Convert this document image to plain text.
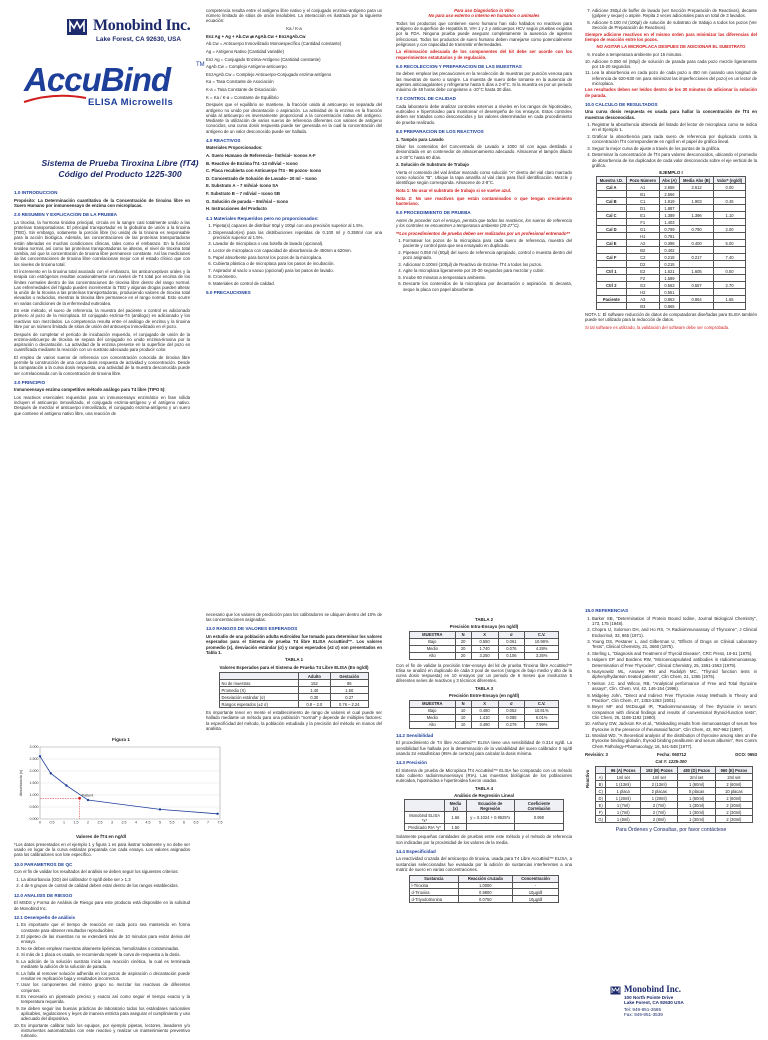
Monobind Inc.
Lake Forest, CA 92630, USA
AccuBind	TM
ELISA Microwells
Sistema de Prueba Tiroxina Libre (fT4)
Código del Producto 1225-300
1.0 INTRODUCCION

Propósito: La Determinación cuantitativa de la Concentración de tiroxina libre en Suero Humano por inmunoensayo de enzima con microplacas.

2.0 RESUMEN Y EXPLICACION DE LA PRUEBA

La tiroxina, la hormona tiroidea principal, circula en la sangre casi totalmente unido a las proteínas transportadoras. El principal transportador es la globulina de unión a la tiroxina (TBG). Sin embargo, solamente la porción libre (no unida) de la tiroxina es responsable para la acción biológica. Además, las concentraciones de las proteínas transportadoras están alteradas en muchas condiciones clínicas, tales como el embarazo. En la función tiroidea normal, así como las proteínas transportadoras se alteran, el nivel de tiroxina total cambia, así que la concentración de tiroxina libre permanece constante. Así las mediciones de las concentraciones de tiroxina libre correlacionan mejor con el estado clínico que con los niveles de tiroxina total.

El incremento en la tiroxina total asociado con el embarazo, los anticonceptivos orales y la terapia con estrógenos resultan ocasionalmente con niveles de T4 total por encima de los límites normales dentro de las concentraciones de tiroxina libre dentro del rango normal. Las enfermedades del hígado pueden incrementar la TBG y algunas drogas pueden alterar la unión de la tiroxina a las proteínas transportadoras, produciendo valores de tiroxina total elevados o reducidos, mientras la tiroxina libre permanece en el rango normal. Esto ocurre en varias condiciones de la enfermedad eutiroidea.

En este método, el suero de referencia, la muestra del paciente o control es adicionado primero al pozo de la microplaca. El conjugado enzima-T4 (análogo) es adicionado y los reactivos son mezclados. La competencia resulta entre el análogo de enzima y la tiroxina libre por un número limitado de sitios de unión del anticuerpo inmovilizado en el pozo.

Después de completar el período de incubación requerido, el conjugado de unión de la enzima-anticuerpo de tiroxina se separa del conjugado no unido enzima-tiroxina por la aspiración o decantación. La actividad de la enzima presente en la superficie del pozo es cuantificada mediante la reacción con un sustrato adecuado para producir color.

El empleo de varios sueros de referencia con concentración conocida de tiroxina libre permite la construcción de una curva dosis respuesta de actividad y concentración. Desde la comparación a la curva dosis respuesta, una actividad de la muestra desconocida puede ser correlacionada con la concentración de tiroxina libre.

3.0 PRINCIPIO

Inmunoensayo enzima competitivo método análogo para T4 libre (TIPO 5):

Los reactivos esenciales requeridos para un inmunoensayo enzimático en fase sólida incluyen el anticuerpo inmovilizado, el conjugado enzima-antígeno y el antígeno nativo. Después de mezclar el anticuerpo inmovilizado, el conjugado enzima-antígeno y un suero que contiene el antígeno nativo libre, una reacción de

Figura 1
0.000
0.500
1.000
1.500
2.000
2.500
3.000
0 0.5 1 1.5 2 2.5 3 3.5 4 4.5 5 5.5 6 6.5 7 7.5
Absorbancia (s)	Patient
Valores de fT4 en ng/dl

*Los datos presentados en el ejemplo 1 y figura 1 es para ilustrar solamente y no debe ser usado en lugar de la curva estándar preparada con cada ensayo. Los valores asignados para los calibradores son lote específico.

10.0 PARAMETROS DE QC

Con el fin de validar los resultados del análisis se deben seguir los siguientes criterios:

1. La absorbancia (OD) del calibrador 0 ng/dl debe ser ≥ 1.3
2. 4 de 6 grupos de control de calidad deben estar dentro de los rangos establecidos.
12.0 ANALISIS DE RIESGO

El MSDS y Forma de Análisis de Riesgo para este producto está disponible en la solicitud de Monobind Inc.

12.1 Desempeño de análisis
1. Es importante que el tiempo de reacción en cada pozo sea mantenido en forma constante para obtener resultados reproducibles.
2. El pipeteo de las muestras no se extenderá más de 10 minutos para evitar deriva del ensayo.
3. No se deben emplear muestras altamente lipémicas, hemolizadas o contaminadas.
4. Si más de 1 placa es usada, se recomienda repetir la curva de respuesta a la dosis.
5. La adición de la solución sustrato inicia una reacción cinética, la cual es terminada mediante la adición de la solución de parada.
6. La falla al remover solución adherida en los pozos de aspiración o decantación puede resultar en replicación baja y resultados incorrectos.
7. Usar los componentes del mismo grupo no mezclar los reactivos de diferentes conjuntos.
8. Es necesario un pipeteado preciso y exacto así como seguir el tiempo exacto y la temperatura requerida.
9. Se deben seguir las buenas prácticas de laboratorio todos los estándares nacionales aplicables, regulaciones y leyes de manera estricta para asegurar el cumplimiento y uso adecuado del dispositivo.
10. Es importante calibrar todo los equipos, por ejemplo pipetas, lectores, lavadores y/o instrumentos automatizados con este reactivo y realizar un mantenimiento preventivo rutinario.

competencia resulta entre el antígeno libre nativo y el conjugado enzima–antígeno para un número limitado de sitios de unión insolubles. La interacción es ilustrada por la siguiente ecuación:

Ka / K-a

Enz Ag + Ag + Ab.Cw ⇌ AgAb.Cw + EnzAgAb.Cw

Ab.Cw = Anticuerpo Inmovilizado Monoespecífico (Cantidad constante)

Ag = Antígeno Nativo (Cantidad variable)

Enz Ag = Conjugado Enzima-Antígeno (Cantidad constante)

AgAb.Cw = Complejo Antígeno-anticuerpo

EnzAgAb.Cw = Complejo Anticuerpo-Conjugado enzima-antígeno

Ka = Tasa Constante de Asociación

K-a = Tasa Constante de Disociación

K = Ka / K-a = Constante de Equilibrio

Después que el equilibrio se mantiene, la fracción unida al anticuerpo es separada del antígeno no unido por decantación o aspiración. La actividad de la enzima en la fracción unida al anticuerpo es inversamente proporcional a la concentración nativa del antígeno. Mediante la utilización de varios sueros de referencia diferentes con valores de antígeno conocidos, una curva dosis respuesta puede ser generada en la cual la concentración del antígeno de un valor desconocido puede ser hallada.

4.0 REACTIVOS

Materiales Proporcionados:

A. Suero Humano de Referencia– fmt/vial– Iconos A-F

B. Reactivo de Enzima fT4 -13 ml/vial – Icono

C. Placa recubierta con Anticuerpo fT4 - 96 pozos- Icono

D. Concentrado de Solución de Lavado– 20 ml – Icono

E. Substrato A – 7 ml/vial- Icono SA

F. Substrato B – 7 ml/vial – Icono SB

G. Solución de parada – 8ml/vial – Icono

H. Instrucciones del Producto

4.1 Materiales Requeridos pero no proporcionados:
1. Pipeta(s) capaces de distribuir 50µl y 100µl con una precisión superior al 1.5%.
2. Dispensador(es) para las distribuciones repetidas de 0.100 ml y 0.350ml con una precisión superior al 1.5%.
3. Lavador de microplaca o una botella de lavado (opcional).
4. Lector de microplaca con capacidad de absorbancia de 450nm a 620nm.
5. Papel absorbente para borrar los pozos de la microplaca.
6. Cubierta plástica o de microplaca para los pasos de incubación.
7. Aspirador al vacío o vacuo (opcional) para los pasos de lavado.
8. Cronómetro.
9. Materiales de control de calidad.
5.0 PRECAUCIONES

necesario que los valores de predicción para los calibradores se ubiquen dentro del 10% de las concentraciones asignadas.

13.0 RANGOS DE VALORES ESPERADOS

Un estudio de una población adulta eutiroidea fue tomado para determinar los valores esperados para el Sistema de prueba T4 libre ELISA AccuBind™. Los valores promedio (x), desviación estándar (σ) y rangos esperados (±2 σ) son presentados en Tabla 1.

TABLA 1
Valores Esperados para el Sistema de Prueba T4 Libre ELISA (En ng/dl)
	Adulto	Gestación
No de muestras	152	86
Promedio (X)	1.40	1.50
Desviación estándar (σ)	0.30	0.37
Rangos esperados (±2 σ)	0.8 – 2.0	0.76 – 2.24

Es importante tener en mente el establecimiento de rango de valores el cual puede ser hallado mediante un método para una población "normal" y depende de múltiples factores: la especificidad del método, la población estudiada y la precisión del método en manos del analista.

Para uso Diagnóstico in Vitro

No para uso externo o interno en humanos o animales

Todos los productos que contienen suero humano han sido hallados no reactivos para antígeno de superficie de Hepatitis B, VIH 1 y 2 y anticuerpos HCV según pruebas exigidas por la FDA. Ninguna prueba puede asegurar completamente la ausencia de agentes infecciosos. Todos los productos de suero humano deben manejarse como potencialmente peligrosos y con capacidad de transmitir enfermedades.

La eliminación adecuada de los componentes del kit debe ser acorde con los requerimientos estatutarios y de regulación.

6.0 RECOLECCION Y PREPARACION DE LAS MUESTRAS

Se deben emplear las precauciones en la recolección de muestras por punción venosa para las muestras de suero o sangre. La muestra de suero debe tomarse en la ausencia de agentes anticoagulantes y refrigerarse hasta 5 días a 2-8°C. Si la muestra es por un periodo máximo de 48 horas debe congelarse a -20°C hasta 30 días.

7.0 CONTROL DE CALIDAD

Cada laboratorio debe analizar controles externos a niveles en los rangos de hipotiroideo, eutiroideo e hipertiroideo para monitorear el desempeño de los ensayos. Estos controles deben ser tratados como desconocidos y los valores determinados en cada procedimiento de prueba realizado.

8.0 PREPARACION DE LOS REACTIVOS

1. Tampón para Lavado

Diluir los contenidos del Concentrado de Lavado a 1000 ml con agua destilada o desionizada en un contenedor de almacenamiento adecuado. Almacenar el tampón diluido a 2-30°C hasta 60 días.

2. Solución de Substrato de Trabajo

Vierta el contenido del vial ámbar marcado como solución "A" dentro del vial claro marcado como solución "B". Ubique la tapa amarilla al vial claro para fácil identificación. Mezcle y identifique según corresponda. Almacene de 2-8°C.

Nota 1: No usar el substrato de trabajo si se vuelve azul.

Nota 2: No use reactivos que están contaminados o que tengan crecimiento bacteriano.

9.0 PROCEDIMIENTO DE PRUEBA

Antes de proceder con el ensayo, permita que todos los reactivos, los sueros de referencia y los controles se encuentren a temperatura ambiente (20-27°C).

**Los procedimientos de prueba deben ser realizados por un profesional entrenado**

1. Formatear los pozos de la microplaca para cada suero de referencia, muestra del paciente y control para que sea ensayado en duplicado.
2. Pipetear 0.050 ml (50µl) del suero de referencia apropiado, control o muestra dentro del pozo asignado.
3. Adicionar 0.100ml (100µl) de Reactivo de Enzima- fT4 a todos los pozos.
4. Agite la microplaca ligeramente por 20-30 segundos para mezclar y cubrir.
5. Incube 60 minutos a temperatura ambiente.
6. Descarte los contenidos de la microplaca por decantación o aspiración. Si decanta, seque la placa con papel absorbente.
TABLA 2
Precisión Intra-Ensayo (en ng/dl)
MUESTRA	N	X	σ	C.V.
Bajo	20	0.550	0.061	10.98%
Medio	20	1.740	0.076	4.28%
Alto	20	3.250	0.106	3.26%

Con el fin de validar la precisión Inter-ensayo del kit de prueba Tiroxina libre AccuBind™ Elisa se analizó en duplicado de cada 3 pool de sueros (rangos de bajo medio y alto de la curva dosis respuesta) en 10 ensayos por un periodo de 6 meses que involucran 5 diferentes series de reactivos y 3 técnicos diferentes.

TABLA 3
Precisión Entre-Ensayo (en ng/dl)
MUESTRA	N	X	σ	C.V.
Bajo	10	0.480	0.052	10.81%
Medio	10	1.410	0.085	6.01%
Alto	10	3.490	0.279	7.99%
14.2 Sensibilidad

El procedimiento de T4 libre AccuBind™ ELISA tiene una sensibilidad de 0.314 ng/dl. La sensibilidad fue hallada por la determinación de la variabilidad del suero calibrador 0 ng/dl usando 2σ estadísticas (95% de certeza) para calcular la dosis mínima.

14.3 Precisión

El Sistema de prueba de Microplaca fT4 AccuBind™ ELISA fue comparado con un método tubo cubierto radioinmunoensayo (RIA). Las muestras biológicas de los poblaciones eutiroidea, hipotiroidea e hipertiroidea fueron usadas.

TABLA 4
Análisis de Regresión Lineal
	Media (x)	Ecuación de Regresión	Coeficiente Correlación
Monobind ELISA *x*	1.66	y = 0.1024 + 0.9525*x	0.960
Predicado RIA *y*	1.50		

Solamente pequeñas cantidades de pruebas entre este método y el método de referencia son indicadas por la proximidad de los valores de la media.

14.4 Especificidad

La reactividad cruzada del anticuerpo de tiroxina, usada para T4 Libre AccuBind™ ELISA, a sustancias seleccionadas fue evaluada por la adición de sustancias interferentes a una matriz de suero en varias concentraciones.

Sustancia	Reacción cruzada	Concentración
l-Tiroxina	1.0000	-
d-Tiroxina	0.9800	10µg/dl
d-Triyodotironina	0.0750	10µg/dl
7. Adicione 350µl de buffer de lavado (ver Sección Preparación de Reactivos), decante (golpee y seque) o aspire. Repita 2 veces adicionales para un total de 3 lavados.
8. Adicione 0.100 ml (100µl) de solución de substrato de trabajo a todos los pozos (Ver Sección de Preparación de Reactivos).

Siempre adicione reactivos en el mismo orden para minimizar las diferencias del tiempo de reacción entre los pozos.

NO AGITAR LA MICROPLACA DESPUES DE ADICIONAR EL SUBSTRATO

9. Incube a temperatura ambiente por 15 minutos.
10. Adicione 0.050 ml (50µl) de solución de parada para cada pozo mezcle ligeramente por 15-20 segundos.
11. Lea la absorbencia en cada pozo de cada pozo a 450 nm (usando una longitud de referencia de 620-630 nm para minimizar las imperfecciones del pozo) en un lector de microplaca.

Los resultados deben ser leídos dentro de los 30 minutos de adicionar la solución de parada.

10.0 CALCULO DE RESULTADOS

Una curva dosis respuesta es usada para hallar la concentración de fT4 en muestras desconocidas.

1. Registrar la absorbencia obtenida del listado del lector de microplaca como se indica en el Ejemplo 1.
2. Graficar la absorbencia para cada suero de referencia por duplicado contra la concentración fT4 correspondiente en ng/dl en el papel de gráfica lineal.
3. Seguir la mejor curva de ajuste a través de los puntos de la gráfica.
4. Determinar la concentración de fT4 para valores desconocidos, ubicando el promedio de absorbencia de los duplicados de cada valor desconocido sobre el eje vertical de la gráfica.
EJEMPLO I
Muestra I.D.	Pozo Número	Abs (A)	Media Abs (B)	Valor* (ng/dl)
Cal A	A1	2.658	2.612	0.00
	B1	2.566		
Cal B	C1	1.919	1.903	0.45
	D1	1.887		
Cal C	E1	1.389	1.396	1.10
	F1	1.403		
Cal D	G1	0.799	0.790	2.00
	H1	0.781		
Cal E	A2	0.398	0.400	5.00
	B2	0.402		
Cal F	C2	0.218	0.217	7.40
	D2	0.215		
Ctrl 1	E2	1.621	1.605	0.50
	F2	1.589		
Ctrl 2	G2	0.563	0.557	2.70
	H2	0.551		
Paciente	A3	0.863	0.864	1.65
	B3	0.865		

NOTA 1: El software reducción de datos de computadoras diseñadas para ELISA también puede ser utilizado para la reducción de datos.

Si tal software es utilizado, la validación del software debe ser comprobada.

15.0 REFERENCIAS
1. Barker SB, "Determination of Protein Bound Iodine, Journal Biological Chemistry", 173, 175 (1948).
2. Chopra IJ, Solomon DH, and Ho RS, "A Radioimmunoassay of Thyroxine", J Clinical Endocrinol, 33, 865 (1971).
3. Young DS, Pestaner L, and Gilberman U, "Effects of Drugs on Clinical Laboratory Tests", Clinical Chemistry, 21, 3660 (1975).
4. Sterling L, "Diagnosis and Treatment of Thyroid Disease", CRC Press, 19-51 (1975).
5. Halpern EP and Bordens RW, "Microencapsulated antibodies in radioimmunoassay. Determination of Free Thyroxine", Clinical Chemistry, 25, 1561-1563 (1979).
6. Nusynowitz ML, Ansaver RN and Rudolph MC, "Thyroid function tests in diphenylhydantoin treated patients", Clin Chem, 21, 1365 (1975).
7. Nelson J.C. and Wilcox, RB, "Analytical performance of Free and Total thyroxine assays", Clin. Chem. Vol, 42, 146-154 (1996).
8. Midgeley John, "Direct and Indirect Free Thyroxine Assay Methods in Theory and Practice", Clin Chem, 47, 1353-1363 (2001).
9. Beyer MF and McDougal IR, "Radioimmunoassay of free thyroxine in serum: comparison with clinical findings and results of conventional thyroid-function tests", Clin Chem, 26, 1186-1192 (1980).
10. Anthony GW, Jackson RA et al., "Misleading results from immunoassays of serum free thyroxine in the presence of rheumatoid factor", Clin Chem, 43, 957-962 (1997).
11. Wosilait WD, "A theoretical analysis of the distribution of thyroxine among sites on the thyroxine binding globulin, thyroid binding prealbumin and serum albumin", Res Comm Chem Pathology-Pharmacology, 16, 541-548 (1977).
Revisión: 3	Fecha: 060712	DCO: 0653
Cat #: 1225-300
Reactivo
		96 (A) Pozos	192 (B) Pozos	480 (D) Pozos	960 (E) Pozos
A)	1ml set	1ml set	2ml set	2ml set
B)	1 (13ml)	2 (13ml)	1 (60ml)	2 (60ml)
C)	1 placa	2 placas	5 placas	10 placas
D)	1 (20ml)	1 (20ml)	1 (60ml)	2 (60ml)
E)	1 (7ml)	2 (7ml)	1 (30ml)	2 (30ml)
F)	1 (7ml)	2 (7ml)	1 (30ml)	2 (30ml)
G)	1 (8ml)	2 (8ml)	1 (30ml)	2 (30ml)
Para Órdenes y Consultas, por favor contáctese
Monobind Inc.
100 North Pointe Drive
Lake Forest, CA 92630 USA
Tel: 949-951-2665
Fax: 949-951-3539
